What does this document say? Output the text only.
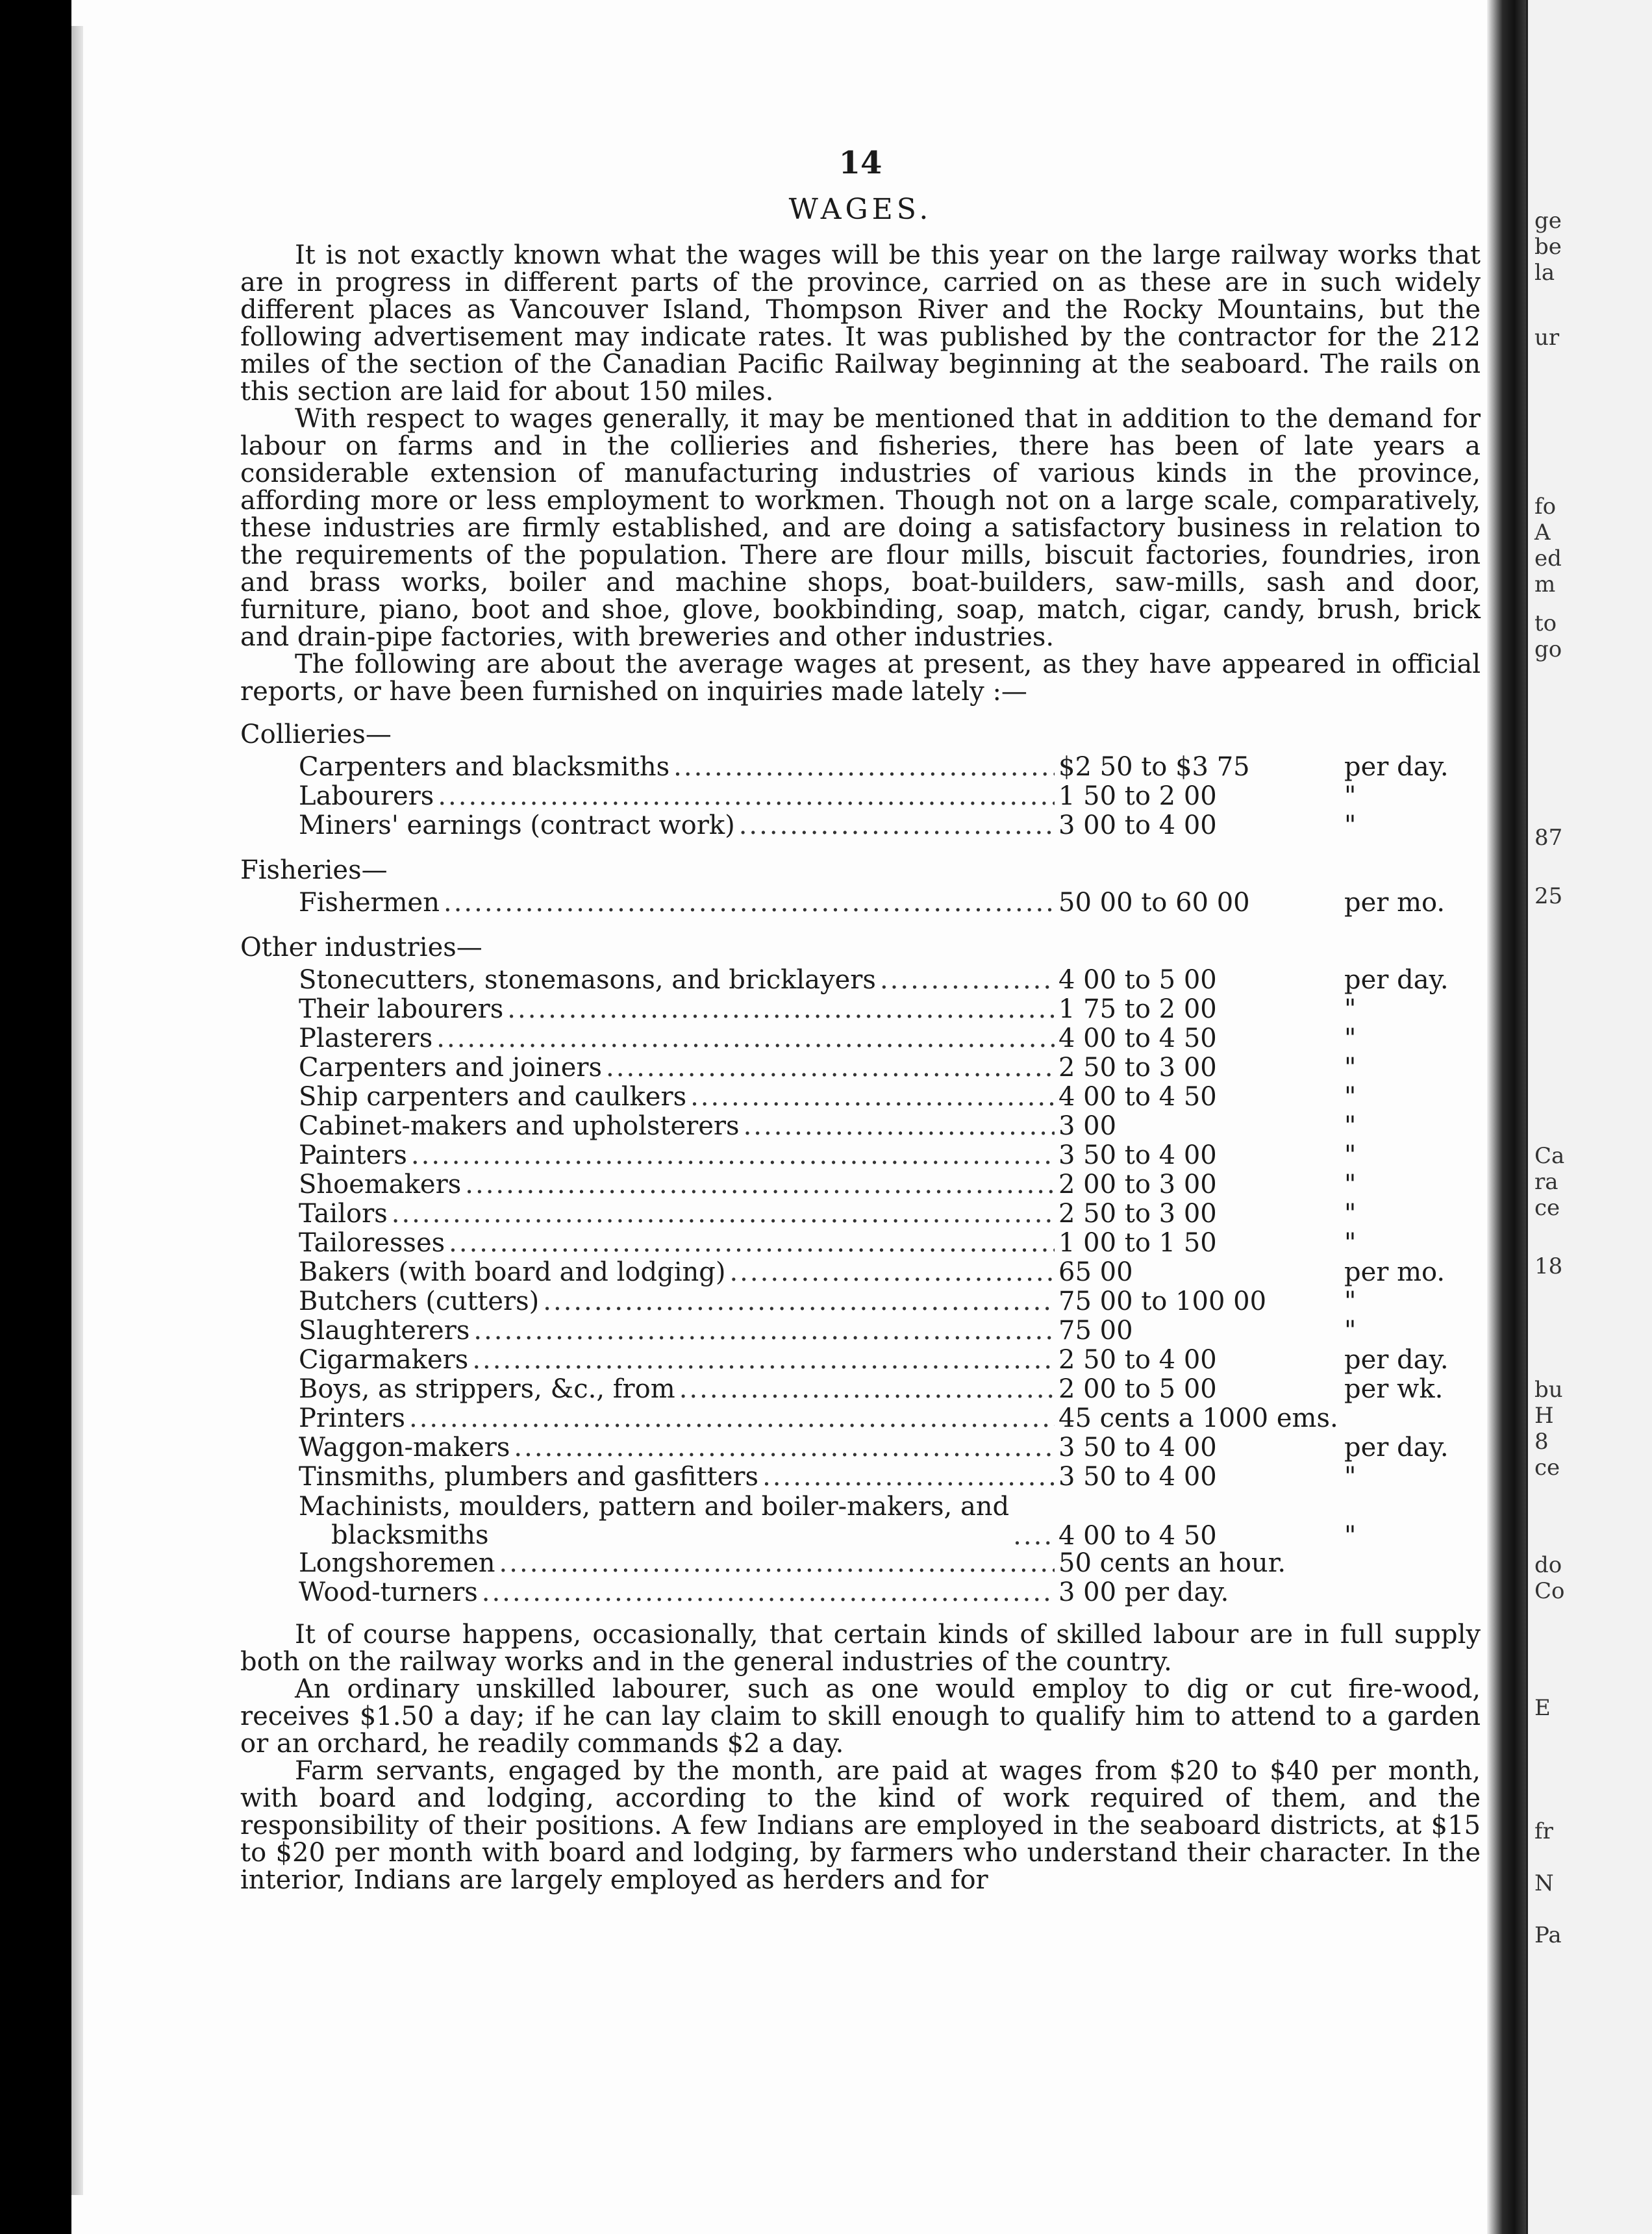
14
WAGES.

It is not exactly known what the wages will be this year on the large railway works that are in progress in different parts of the province, carried on as these are in such widely different places as Vancouver Island, Thompson River and the Rocky Mountains, but the following advertisement may indicate rates. It was published by the contractor for the 212 miles of the section of the Canadian Pacific Railway beginning at the seaboard. The rails on this section are laid for about 150 miles.

With respect to wages generally, it may be mentioned that in addition to the demand for labour on farms and in the collieries and fisheries, there has been of late years a considerable extension of manufacturing industries of various kinds in the province, affording more or less employment to workmen. Though not on a large scale, comparatively, these industries are firmly established, and are doing a satisfactory business in relation to the requirements of the population. There are flour mills, biscuit factories, foundries, iron and brass works, boiler and machine shops, boat-builders, saw-mills, sash and door, furniture, piano, boot and shoe, glove, bookbinding, soap, match, cigar, candy, brush, brick and drain-pipe factories, with breweries and other industries.

The following are about the average wages at present, as they have appeared in official reports, or have been furnished on inquiries made lately :—

Collieries—
Carpenters and blacksmiths .....	$2 50 to $3 75	per day.
Labourers .....	1 50 to 2 00	"
Miners' earnings (contract work) .....	3 00 to 4 00	"
Fisheries—
Fishermen .....	50 00 to 60 00	per mo.
Other industries—
Stonecutters, stonemasons, and bricklayers .....	4 00 to 5 00	per day.
Their labourers .....	1 75 to 2 00	"
Plasterers .....	4 00 to 4 50	"
Carpenters and joiners .....	2 50 to 3 00	"
Ship carpenters and caulkers .....	4 00 to 4 50	"
Cabinet-makers and upholsterers .....	3 00	"
Painters .....	3 50 to 4 00	"
Shoemakers .....	2 00 to 3 00	"
Tailors .....	2 50 to 3 00	"
Tailoresses .....	1 00 to 1 50	"
Bakers (with board and lodging) .....	65 00	per mo.
Butchers (cutters) .....	75 00 to 100 00	"
Slaughterers .....	75 00	"
Cigarmakers .....	2 50 to 4 00	per day.
Boys, as strippers, &c., from .....	2 00 to 5 00	per wk.
Printers .....	45 cents a 1000 ems.
Waggon-makers .....	3 50 to 4 00	per day.
Tinsmiths, plumbers and gasfitters .....	3 50 to 4 00	"
Machinists, moulders, pattern and boiler-makers, and
blacksmiths .....	4 00 to 4 50	"
Longshoremen .....	50 cents an hour.
Wood-turners .....	3 00 per day.

It of course happens, occasionally, that certain kinds of skilled labour are in full supply both on the railway works and in the general industries of the country.

An ordinary unskilled labourer, such as one would employ to dig or cut fire-wood, receives $1.50 a day; if he can lay claim to skill enough to qualify him to attend to a garden or an orchard, he readily commands $2 a day.

Farm servants, engaged by the month, are paid at wages from $20 to $40 per month, with board and lodging, according to the kind of work required of them, and the responsibility of their positions. A few Indians are employed in the seaboard districts, at $15 to $20 per month with board and lodging, by farmers who understand their character. In the interior, Indians are largely employed as herders and for

ge
be
la
ur
fo
A
ed
m
to
go
87
25
Ca
ra
ce
18
bu
H
8
ce
do
Co
E
fr
N
Pa
